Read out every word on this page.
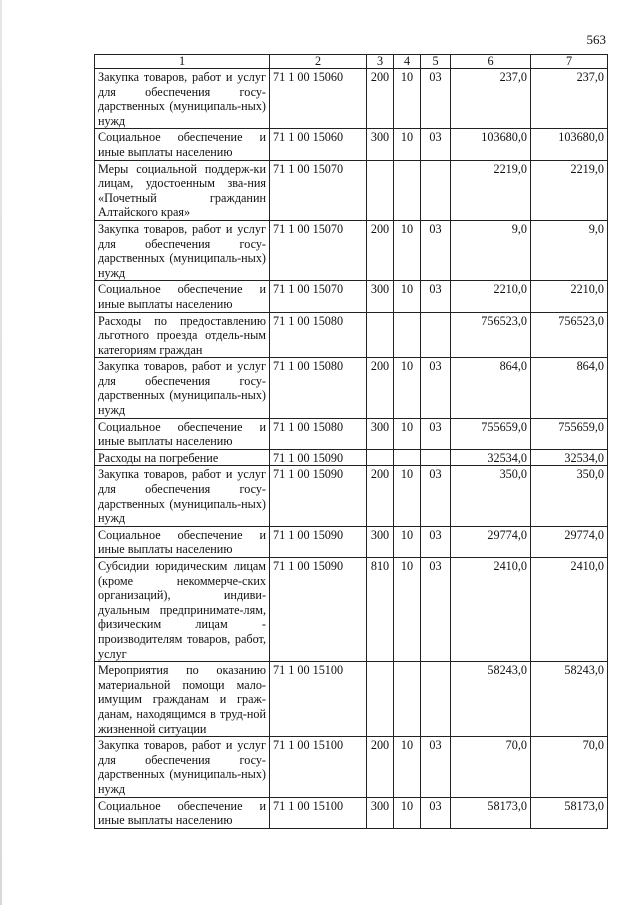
563
1	2	3	4	5	6	7
Закупка товаров, работ и услуг для обеспечения госу-дарственных (муниципаль-ных) нужд	71 1 00 15060	200	10	03	237,0	237,0
Социальное обеспечение и иные выплаты населению	71 1 00 15060	300	10	03	103680,0	103680,0
Меры социальной поддерж-ки лицам, удостоенным зва-ния «Почетный гражданин Алтайского края»	71 1 00 15070				2219,0	2219,0
Закупка товаров, работ и услуг для обеспечения госу-дарственных (муниципаль-ных) нужд	71 1 00 15070	200	10	03	9,0	9,0
Социальное обеспечение и иные выплаты населению	71 1 00 15070	300	10	03	2210,0	2210,0
Расходы по предоставлению льготного проезда отдель-ным категориям граждан	71 1 00 15080				756523,0	756523,0
Закупка товаров, работ и услуг для обеспечения госу-дарственных (муниципаль-ных) нужд	71 1 00 15080	200	10	03	864,0	864,0
Социальное обеспечение и иные выплаты населению	71 1 00 15080	300	10	03	755659,0	755659,0
Расходы на погребение	71 1 00 15090				32534,0	32534,0
Закупка товаров, работ и услуг для обеспечения госу-дарственных (муниципаль-ных) нужд	71 1 00 15090	200	10	03	350,0	350,0
Социальное обеспечение и иные выплаты населению	71 1 00 15090	300	10	03	29774,0	29774,0
Субсидии юридическим лицам (кроме некоммерче-ских организаций), индиви-дуальным предпринимате-лям, физическим лицам - производителям товаров, работ, услуг	71 1 00 15090	810	10	03	2410,0	2410,0
Мероприятия по оказанию материальной помощи мало-имущим гражданам и граж-данам, находящимся в труд-ной жизненной ситуации	71 1 00 15100				58243,0	58243,0
Закупка товаров, работ и услуг для обеспечения госу-дарственных (муниципаль-ных) нужд	71 1 00 15100	200	10	03	70,0	70,0
Социальное обеспечение и иные выплаты населению	71 1 00 15100	300	10	03	58173,0	58173,0
